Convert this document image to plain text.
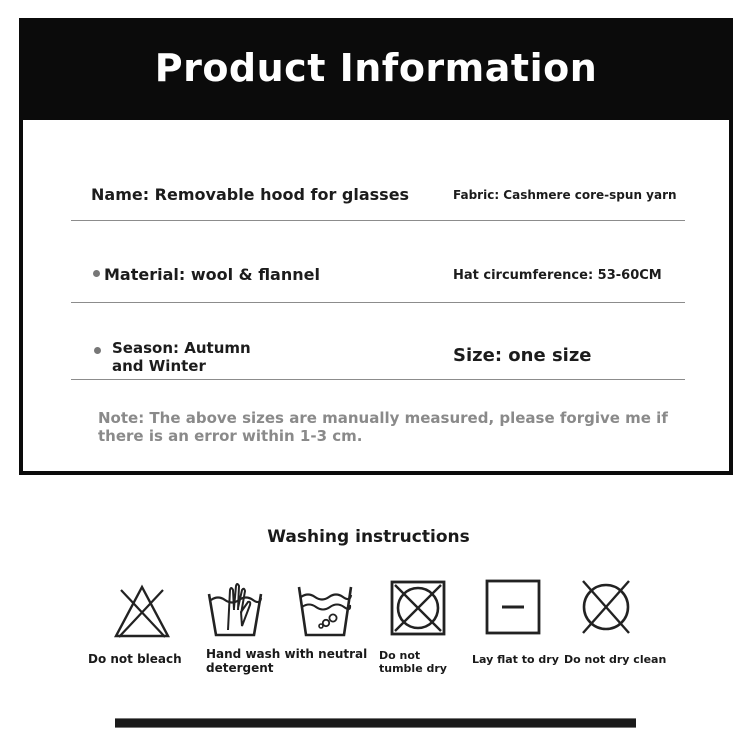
Product Information
Name: Removable hood for glasses	Fabric: Cashmere core-spun yarn
Material: wool & flannel	Hat circumference: 53-60CM
Season: Autumn
and Winter	Size: one size
Note: The above sizes are manually measured, please forgive me if there is an error within 1-3 cm.
Washing instructions
Do not bleach Hand wash with neutral
detergent
Do not
tumble dry
Lay flat to dry Do not dry clean
